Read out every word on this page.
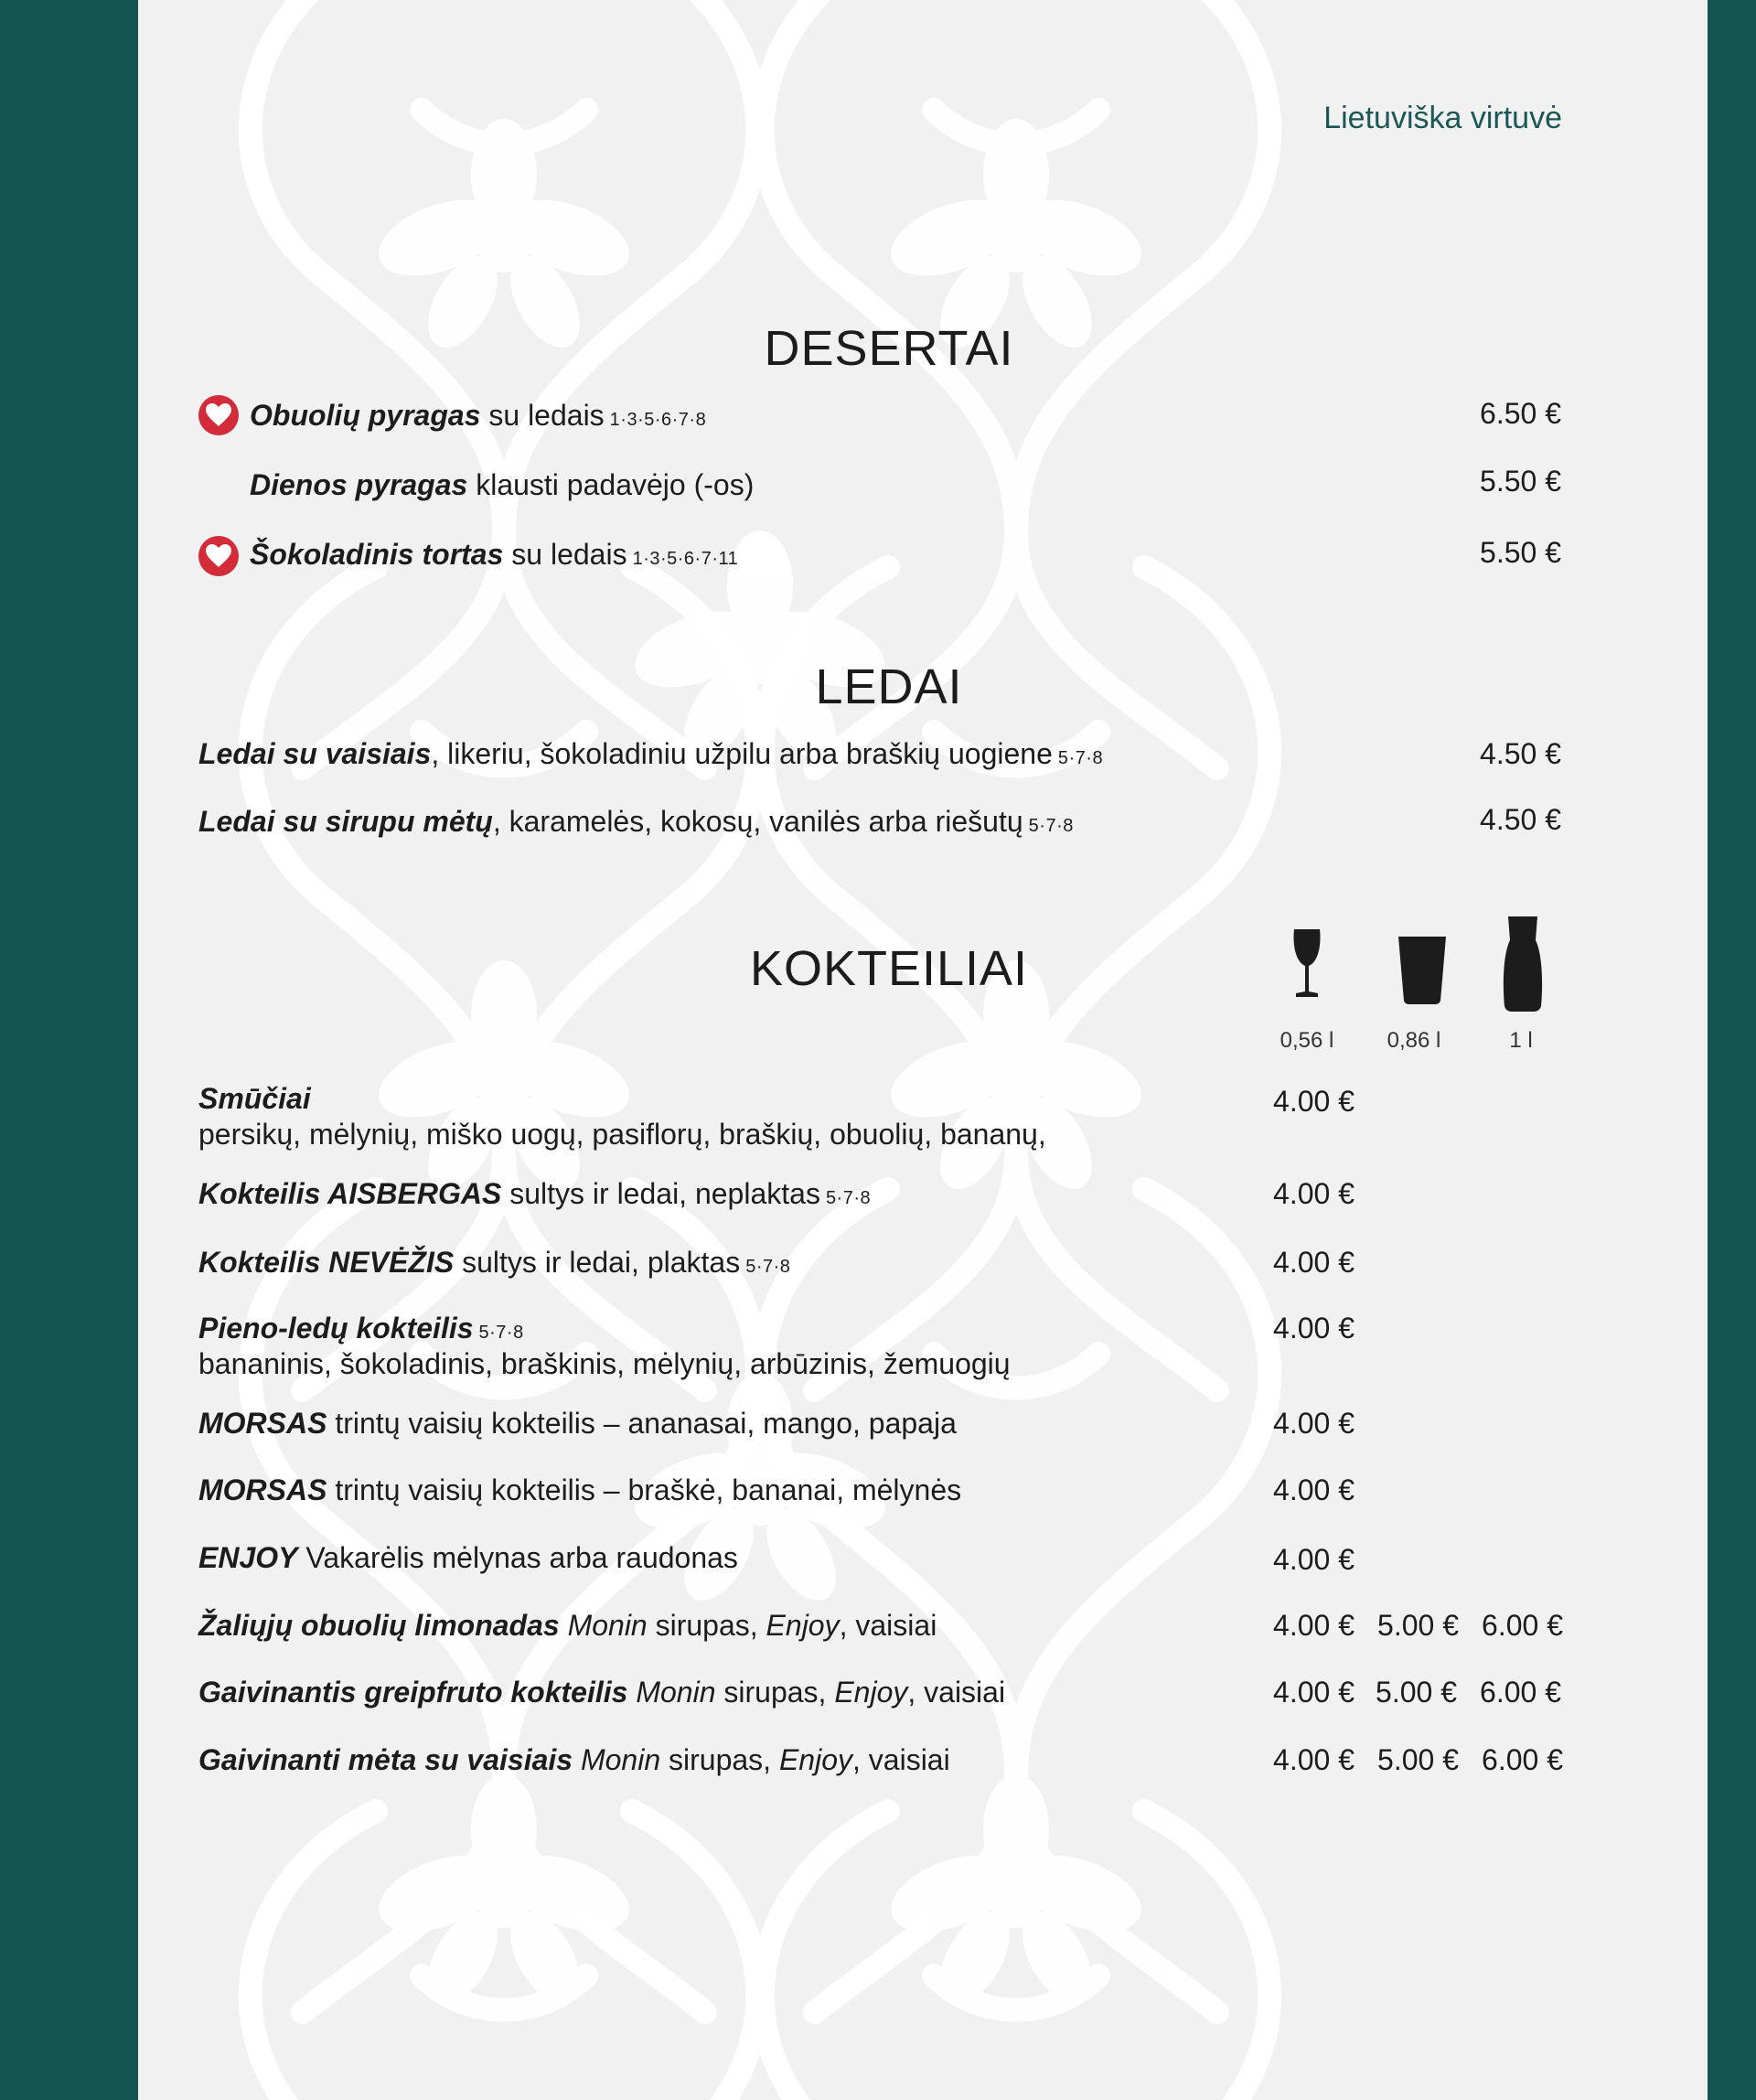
Lietuviška virtuvė
DESERTAI
Obuolių pyragas su ledais 1·3·5·6·7·8	6.50 €
Dienos pyragas klausti padavėjo (-os)	5.50 €
Šokoladinis tortas su ledais 1·3·5·6·7·11	5.50 €
LEDAI
Ledai su vaisiais, likeriu, šokoladiniu užpilu arba braškių uogiene 5·7·8	4.50 €
Ledai su sirupu mėtų, karamelės, kokosų, vanilės arba riešutų 5·7·8	4.50 €
KOKTEILIAI
0,56 l	0,86 l	1 l
Smūčiai
persikų, mėlynių, miško uogų, pasiflorų, braškių, obuolių, bananų,
4.00 €
Kokteilis AISBERGAS sultys ir ledai, neplaktas 5·7·8	4.00 €
Kokteilis NEVĖŽIS sultys ir ledai, plaktas 5·7·8	4.00 €
Pieno-ledų kokteilis 5·7·8
bananinis, šokoladinis, braškinis, mėlynių, arbūzinis, žemuogių
4.00 €
MORSAS trintų vaisių kokteilis – ananasai, mango, papaja	4.00 €
MORSAS trintų vaisių kokteilis – braškė, bananai, mėlynės	4.00 €
ENJOY Vakarėlis mėlynas arba raudonas	4.00 €
Žaliųjų obuolių limonadas Monin sirupas, Enjoy, vaisiai	4.00 € 5.00 € 6.00 €
Gaivinantis greipfruto kokteilis Monin sirupas, Enjoy, vaisiai	4.00 € 5.00 € 6.00 €
Gaivinanti mėta su vaisiais Monin sirupas, Enjoy, vaisiai	4.00 € 5.00 € 6.00 €
